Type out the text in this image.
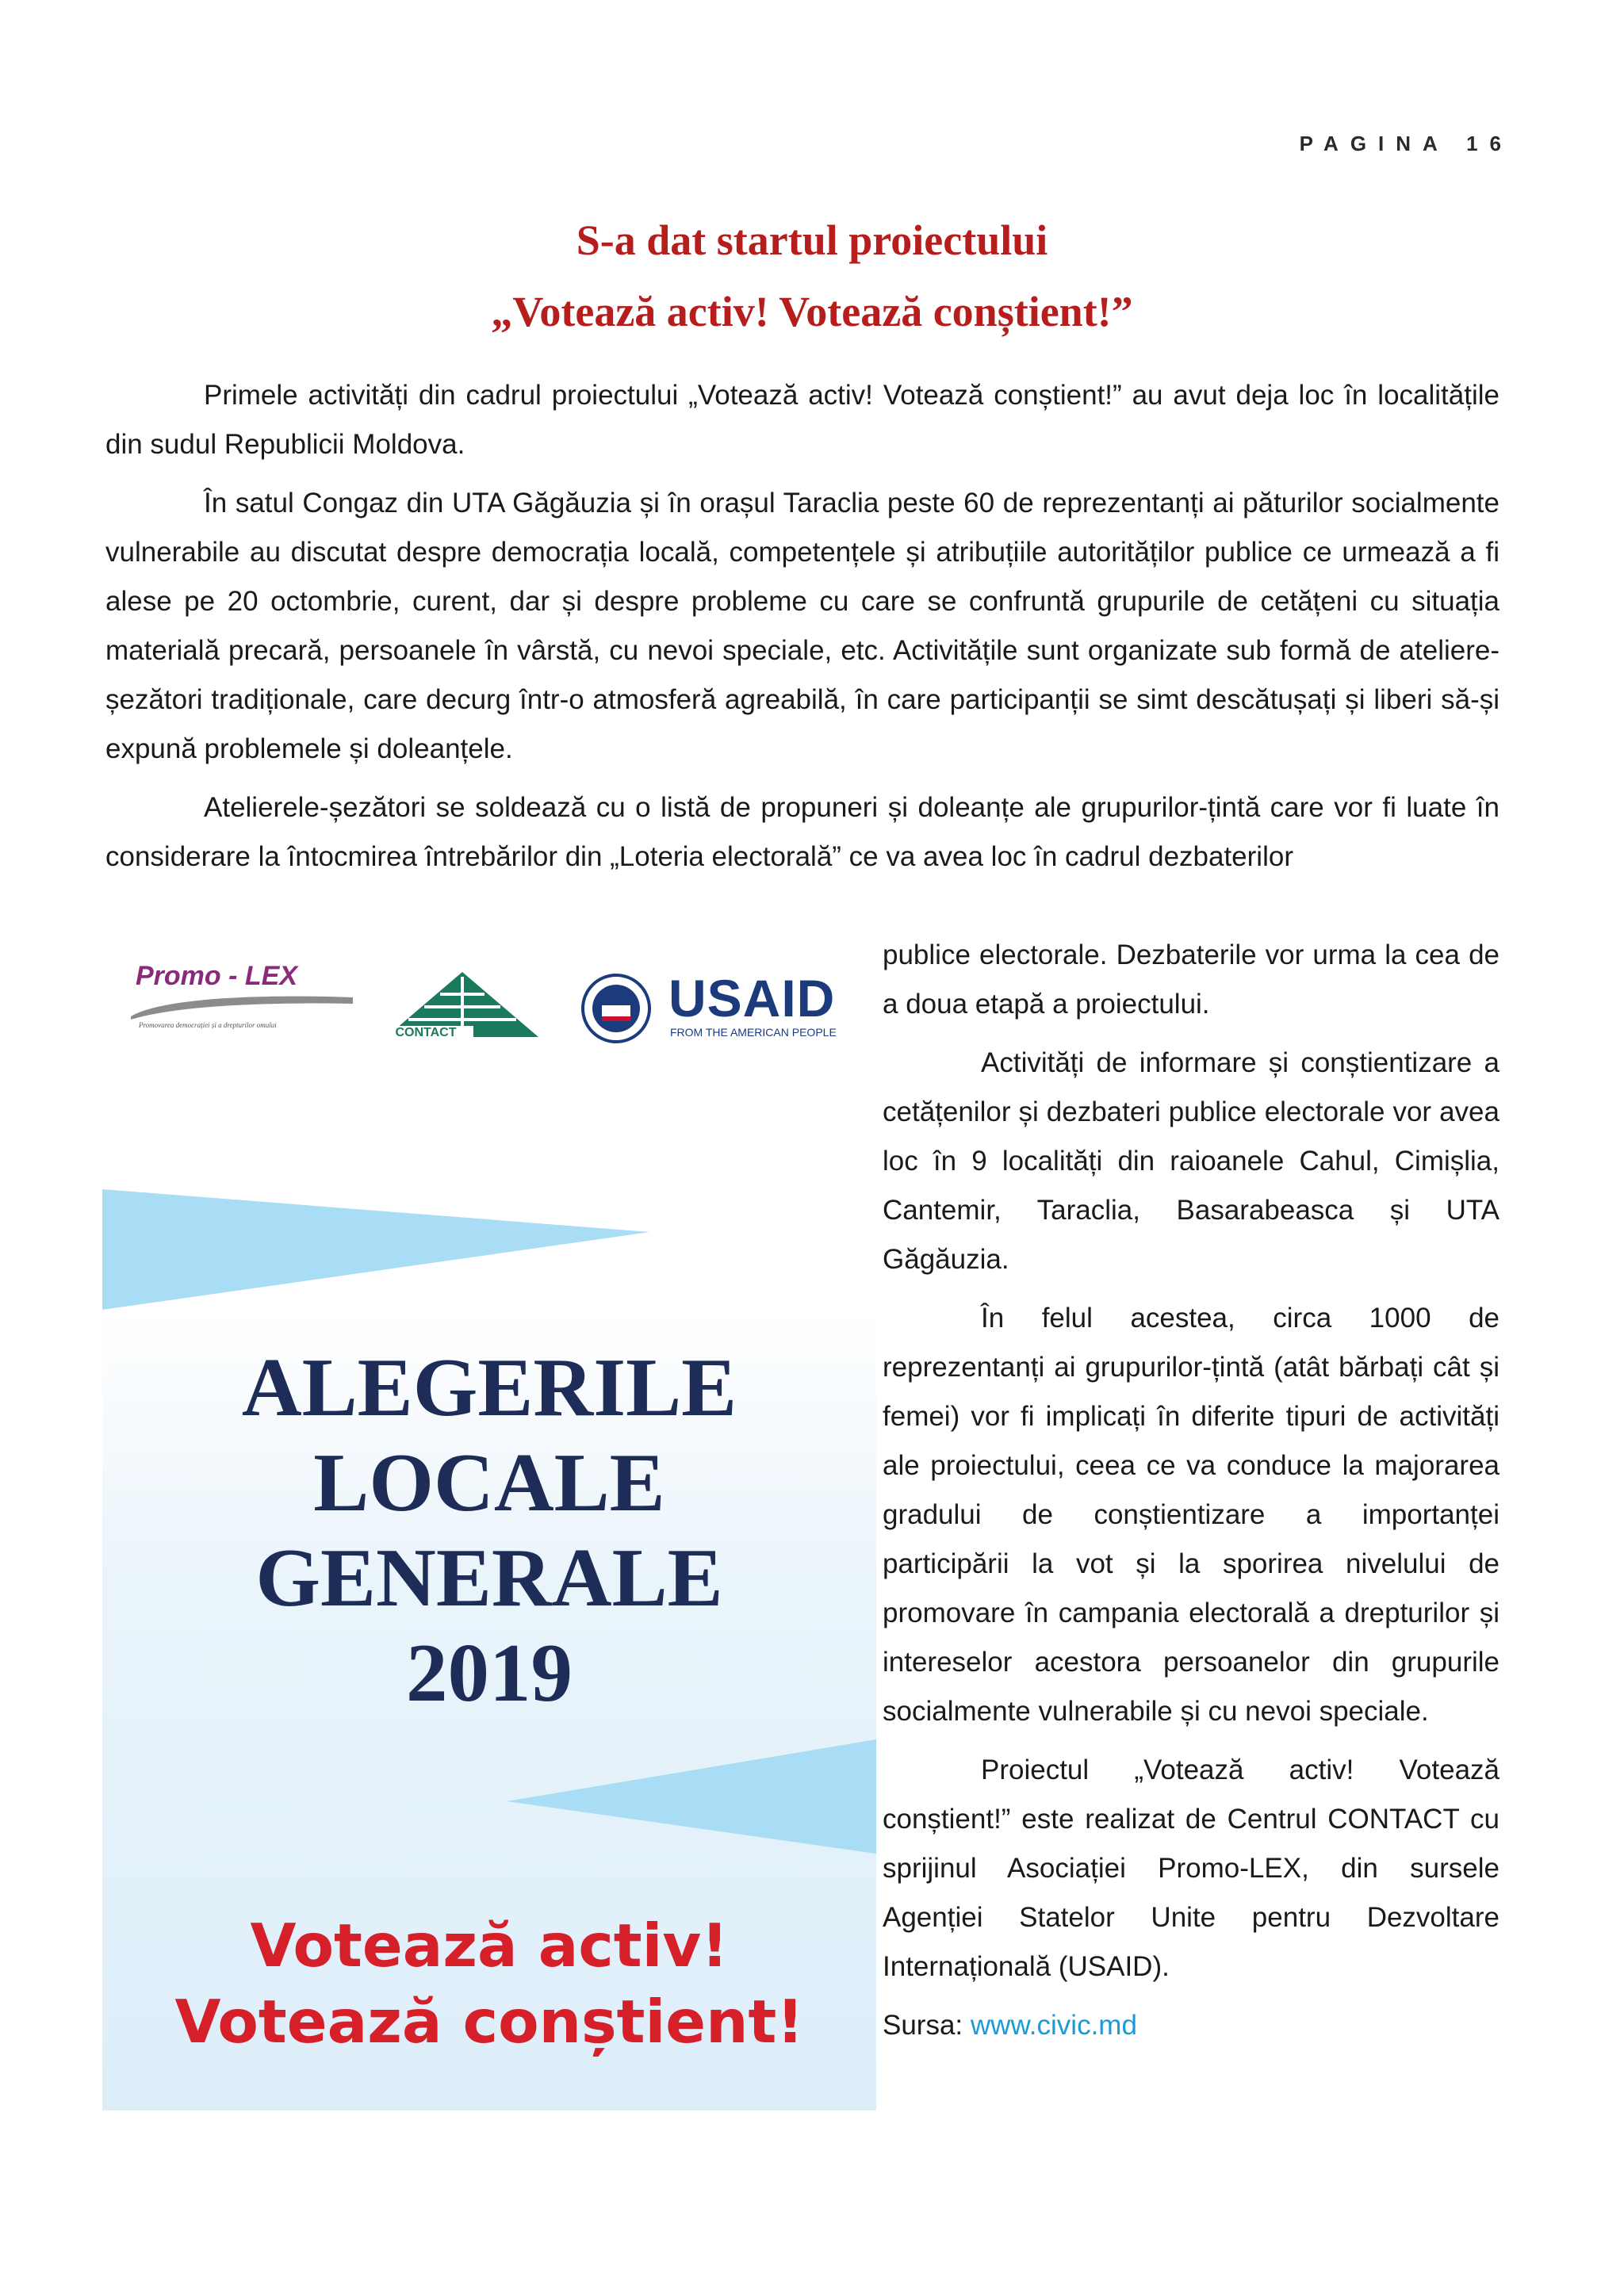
PAGINA 16
S-a dat startul proiectului
„Votează activ! Votează conștient!”

Primele activități din cadrul proiectului „Votează activ! Votează conștient!” au avut deja loc în localitățile din sudul Republicii Moldova.

În satul Congaz din UTA Găgăuzia și în orașul Taraclia peste 60 de reprezentanți ai păturilor socialmente vulnerabile au discutat despre democrația locală, competențele și atribuțiile autorităților publice ce urmează a fi alese pe 20 octombrie, curent, dar și despre probleme cu care se confruntă grupurile de cetățeni cu situația materială precară, persoanele în vârstă, cu nevoi speciale, etc. Activitățile sunt organizate sub formă de ateliere-șezători tradiționale, care decurg într-o atmosferă agreabilă, în care participanții se simt descătușați și liberi să-și expună problemele și doleanțele.

Atelierele-șezători se soldează cu o listă de propuneri și doleanțe ale grupurilor-țintă care vor fi luate în considerare la întocmirea întrebărilor din „Loteria electorală” ce va avea loc în cadrul dezbaterilor

Promo - LEX
Promovarea democrației și a drepturilor omului
CONTACT
USAID
FROM THE AMERICAN PEOPLE
ALEGERILE
LOCALE
GENERALE
2019
Votează activ!
Votează conștient!

publice electorale. Dezbaterile vor urma la cea de a doua etapă a proiectului.

Activități de informare și conștientizare a cetățenilor și dezbateri publice electorale vor avea loc în 9 localități din raioanele Cahul, Cimișlia, Cantemir, Taraclia, Basarabeasca și UTA Găgăuzia.

În felul acestea, circa 1000 de reprezentanți ai grupurilor-țintă (atât bărbați cât și femei) vor fi implicați în diferite tipuri de activități ale proiectului, ceea ce va conduce la majorarea gradului de conștientizare a importanței participării la vot și la sporirea nivelului de promovare în campania electorală a drepturilor și intereselor acestora persoanelor din grupurile socialmente vulnerabile și cu nevoi speciale.

Proiectul „Votează activ! Votează conștient!” este realizat de Centrul CONTACT cu sprijinul Asociației Promo-LEX, din sursele Agenției Statelor Unite pentru Dezvoltare Internațională (USAID).

Sursa: www.civic.md
